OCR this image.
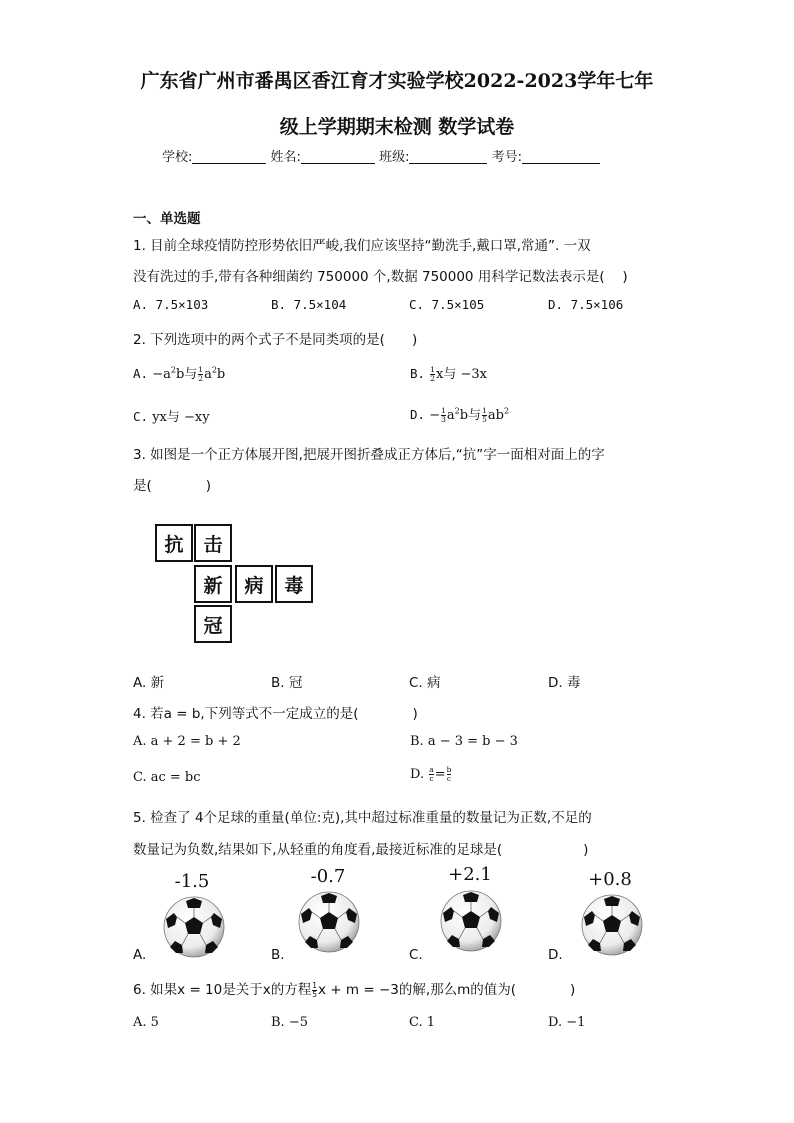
广东省广州市番禺区香江育才实验学校2022-2023学年七年
级上学期期末检测 数学试卷
学校:	姓名:	班级:	考号:
一、单选题
1. 目前全球疫情防控形势依旧严峻,我们应该坚持“勤洗手,戴口罩,常通”. 一双
没有洗过的手,带有各种细菌约 750000 个,数据 750000 用科学记数法表示是(　 )
A. 7.5×103	B. 7.5×104	C. 7.5×105	D. 7.5×106
2. 下列选项中的两个式子不是同类项的是(　　)
A. $-a^2b$与 $\frac{1}{2} a^2b$	B. $\frac{1}{2}$ x与 −3x
C. yx与 −xy	D. − $\frac{1}{3} a^2b$与 $\frac{1}{5} ab^2$
3. 如图是一个正方体展开图,把展开图折叠成正方体后,“抗”字一面相对面上的字
是(　　　　)
抗	击
新	病	毒
冠
A. 新	B. 冠	C. 病	D. 毒
4. 若a = b,下列等式不一定成立的是(　　　　)
A. a + 2 = b + 2	B. a − 3 = b − 3
C. ac = bc	D. $\frac{a}{c} = \frac{b}{c}$
5. 检查了 4个足球的重量(单位:克),其中超过标准重量的数量记为正数,不足的
数量记为负数,结果如下,从轻重的角度看,最接近标准的足球是(　　　　　　)
-1.5
A.
-0.7
B.
+2.1
C.
+0.8
D.
6. 如果x = 10是关于x的方程 $\frac{1}{5}$ x + m = −3的解,那么m的值为(　　　　)
A. 5	B. −5	C. 1	D. −1
